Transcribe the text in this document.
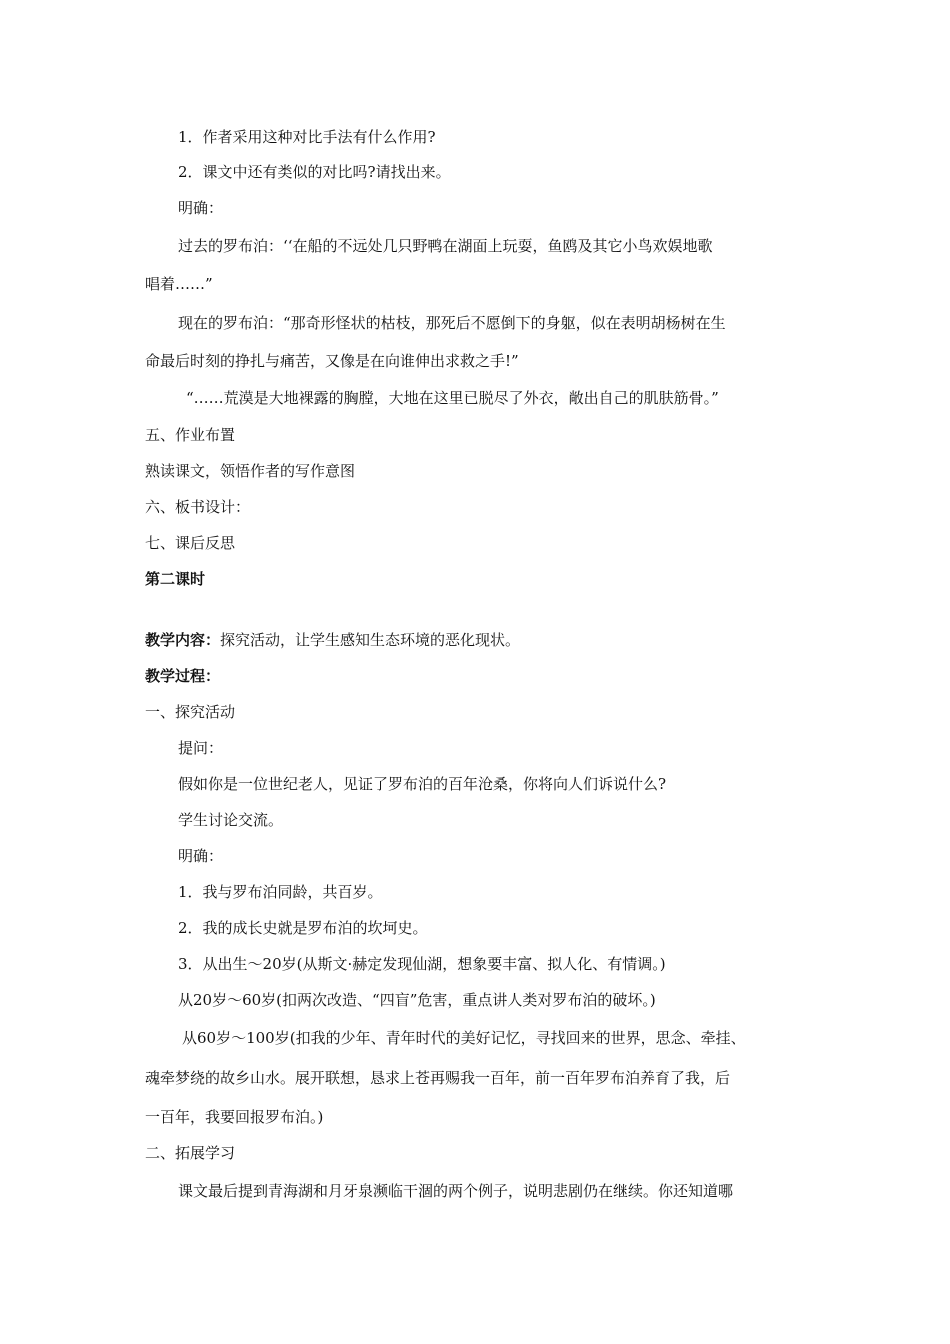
1．作者采用这种对比手法有什么作用?
2．课文中还有类似的对比吗?请找出来。
明确：
过去的罗布泊：‘‘在船的不远处几只野鸭在湖面上玩耍，鱼鸥及其它小鸟欢娱地歌
唱着……”
现在的罗布泊：“那奇形怪状的枯枝，那死后不愿倒下的身躯，似在表明胡杨树在生
命最后时刻的挣扎与痛苦，又像是在向谁伸出求救之手!”
“……荒漠是大地裸露的胸膛，大地在这里已脱尽了外衣，敞出自己的肌肤筋骨。”
五、作业布置
熟读课文，领悟作者的写作意图
六、板书设计：
七、课后反思
第二课时
教学内容：探究活动，让学生感知生态环境的恶化现状。
教学过程：
一、探究活动
提问：
假如你是一位世纪老人，见证了罗布泊的百年沧桑，你将向人们诉说什么?
学生讨论交流。
明确：
1．我与罗布泊同龄，共百岁。
2．我的成长史就是罗布泊的坎坷史。
3．从出生～20岁(从斯文·赫定发现仙湖，想象要丰富、拟人化、有情调。)
从20岁～60岁(扣两次改造、“四盲”危害，重点讲人类对罗布泊的破坏。)
从60岁～100岁(扣我的少年、青年时代的美好记忆，寻找回来的世界，思念、牵挂、
魂牵梦绕的故乡山水。展开联想，恳求上苍再赐我一百年，前一百年罗布泊养育了我，后
一百年，我要回报罗布泊。)
二、拓展学习
课文最后提到青海湖和月牙泉濒临干涸的两个例子，说明悲剧仍在继续。你还知道哪
